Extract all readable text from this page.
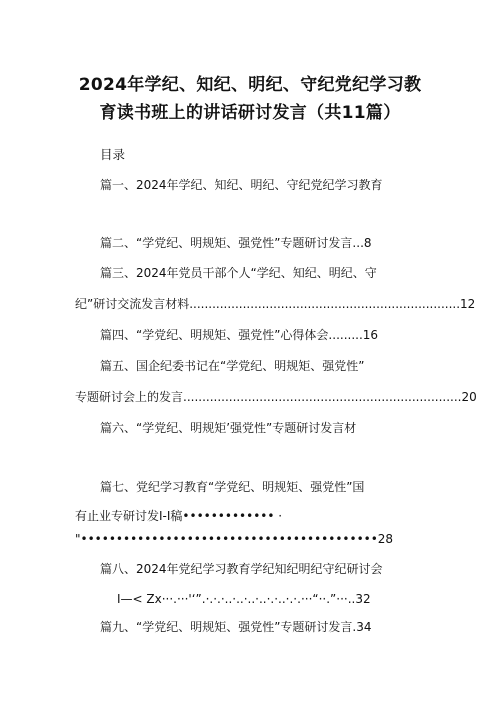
2024年学纪、知纪、明纪、守纪党纪学习教
育读书班上的讲话研讨发言（共11篇）
目录
篇一、2024年学纪、知纪、明纪、守纪党纪学习教育
篇二、“学党纪、明规矩、强党性”专题研讨发言...8
篇三、2024年党员干部个人“学纪、知纪、明纪、守
纪”研讨交流发言材料.......................................................................12
篇四、“学党纪、明规矩、强党性”心得体会.........16
篇五、国企纪委书记在“学党纪、明规矩、强党性”
专题研讨会上的发言.........................................................................20
篇六、“学党纪、明规矩’强党性”专题研讨发言材
篇七、党纪学习教育“学党纪、明规矩、强党性”国
有止业专研讨发I-I稿••••••••••••• ·
"••••••••••••••••••••••••••••••••••••••••••28
篇八、2024年党纪学习教育学纪知纪明纪守纪研讨会
I—< Zx···.···'‘”.·.·.·..·..·..·..·.·..·.·.···“··.”···..32
篇九、“学党纪、明规矩、强党性”专题研讨发言.34
